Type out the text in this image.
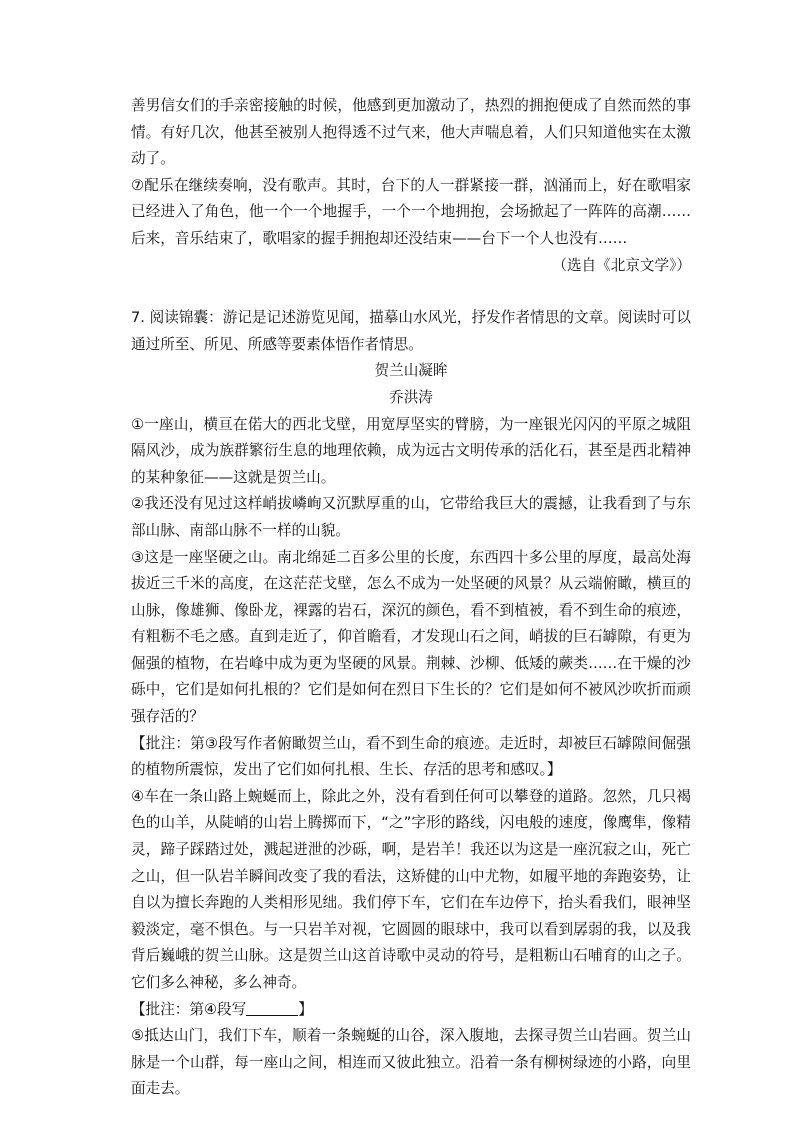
善男信女们的手亲密接触的时候，他感到更加激动了，热烈的拥抱便成了自然而然的事情。有好几次，他甚至被别人抱得透不过气来，他大声喘息着，人们只知道他实在太激动了。

⑦配乐在继续奏响，没有歌声。其时，台下的人一群紧接一群，汹涌而上，好在歌唱家已经进入了角色，他一个一个地握手，一个一个地拥抱，会场掀起了一阵阵的高潮……后来，音乐结束了，歌唱家的握手拥抱却还没结束——台下一个人也没有……

（选自《北京文学》）

7. 阅读锦囊：游记是记述游览见闻，描摹山水风光，抒发作者情思的文章。阅读时可以通过所至、所见、所感等要素体悟作者情思。

贺兰山凝眸

乔洪涛

①一座山，横亘在偌大的西北戈壁，用宽厚坚实的臂膀，为一座银光闪闪的平原之城阻隔风沙，成为族群繁衍生息的地理依赖，成为远古文明传承的活化石，甚至是西北精神的某种象征——这就是贺兰山。

②我还没有见过这样峭拔嶙峋又沉默厚重的山，它带给我巨大的震撼，让我看到了与东部山脉、南部山脉不一样的山貌。

③这是一座坚硬之山。南北绵延二百多公里的长度，东西四十多公里的厚度，最高处海拔近三千米的高度，在这茫茫戈壁，怎么不成为一处坚硬的风景？从云端俯瞰，横亘的山脉，像雄狮、像卧龙，裸露的岩石，深沉的颜色，看不到植被，看不到生命的痕迹，有粗粝不毛之感。直到走近了，仰首瞻看，才发现山石之间，峭拔的巨石罅隙，有更为倔强的植物，在岩峰中成为更为坚硬的风景。荆棘、沙柳、低矮的蕨类……在干燥的沙砾中，它们是如何扎根的？它们是如何在烈日下生长的？它们是如何不被风沙吹折而顽强存活的？

【批注：第③段写作者俯瞰贺兰山，看不到生命的痕迹。走近时，却被巨石罅隙间倔强的植物所震惊，发出了它们如何扎根、生长、存活的思考和感叹。】

④车在一条山路上蜿蜒而上，除此之外，没有看到任何可以攀登的道路。忽然，几只褐色的山羊，从陡峭的山岩上腾掷而下，“之”字形的路线，闪电般的速度，像鹰隼，像精灵，蹄子踩踏过处，溅起迸泄的沙砾，啊，是岩羊！我还以为这是一座沉寂之山，死亡之山，但一队岩羊瞬间改变了我的看法，这矫健的山中尤物，如履平地的奔跑姿势，让自以为擅长奔跑的人类相形见绌。我们停下车，它们在车边停下，抬头看我们，眼神坚毅淡定，毫不惧色。与一只岩羊对视，它圆圆的眼球中，我可以看到孱弱的我，以及我背后巍峨的贺兰山脉。这是贺兰山这首诗歌中灵动的符号，是粗粝山石哺育的山之子。它们多么神秘，多么神奇。

【批注：第④段写	】

⑤抵达山门，我们下车，顺着一条蜿蜒的山谷，深入腹地，去探寻贺兰山岩画。贺兰山脉是一个山群，每一座山之间，相连而又彼此独立。沿着一条有柳树绿迹的小路，向里面走去。
